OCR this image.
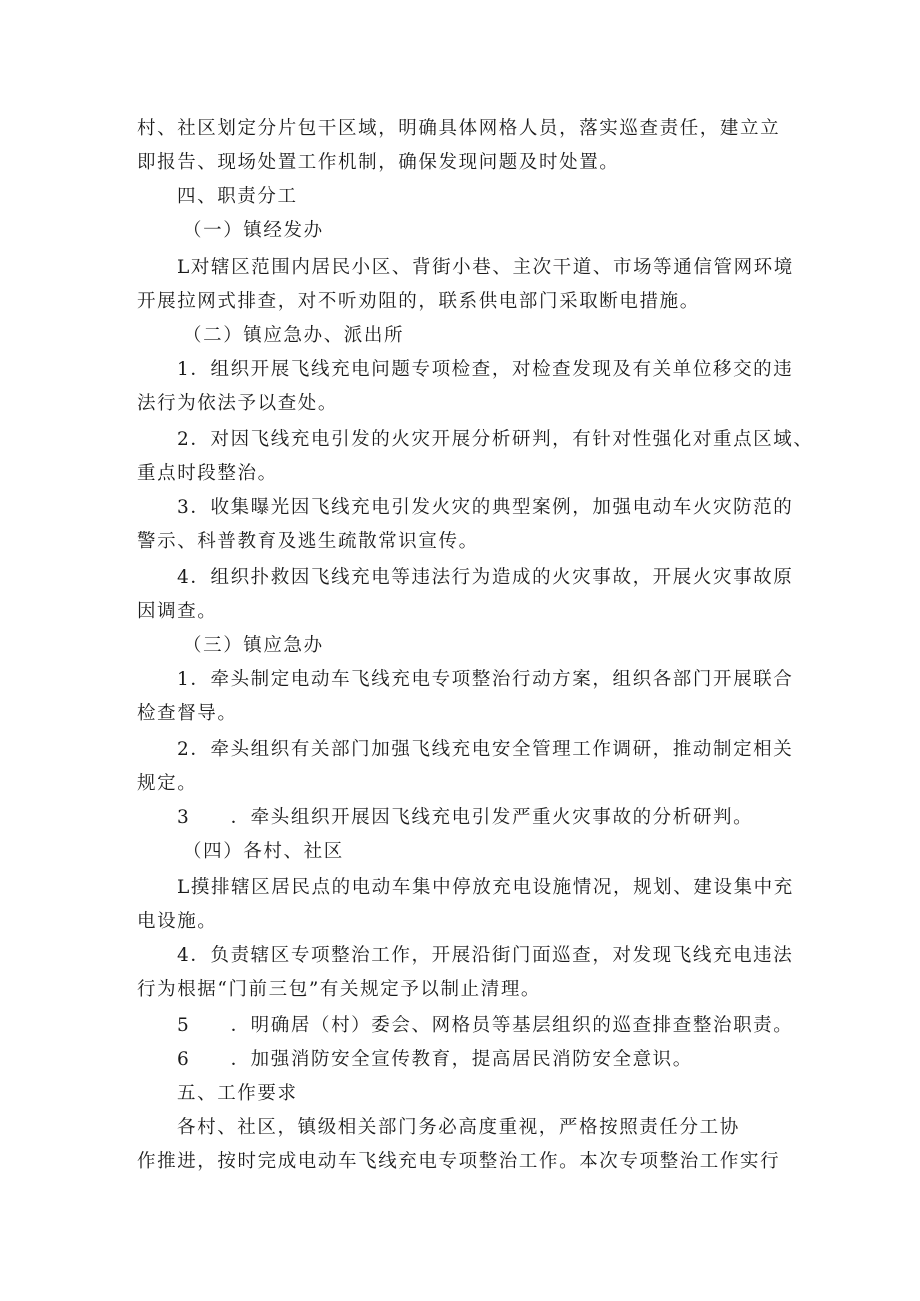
村、社区划定分片包干区域，明确具体网格人员，落实巡查责任，建立立
即报告、现场处置工作机制，确保发现问题及时处置。
四、职责分工
（一）镇经发办
L对辖区范围内居民小区、背街小巷、主次干道、市场等通信管网环境
开展拉网式排查，对不听劝阻的，联系供电部门采取断电措施。
（二）镇应急办、派出所
1．组织开展飞线充电问题专项检查，对检查发现及有关单位移交的违
法行为依法予以查处。
2．对因飞线充电引发的火灾开展分析研判，有针对性强化对重点区域、
重点时段整治。
3．收集曝光因飞线充电引发火灾的典型案例，加强电动车火灾防范的
警示、科普教育及逃生疏散常识宣传。
4．组织扑救因飞线充电等违法行为造成的火灾事故，开展火灾事故原
因调查。
（三）镇应急办
1．牵头制定电动车飞线充电专项整治行动方案，组织各部门开展联合
检查督导。
2．牵头组织有关部门加强飞线充电安全管理工作调研，推动制定相关
规定。
3　　．牵头组织开展因飞线充电引发严重火灾事故的分析研判。
（四）各村、社区
L摸排辖区居民点的电动车集中停放充电设施情况，规划、建设集中充
电设施。
4．负责辖区专项整治工作，开展沿街门面巡查，对发现飞线充电违法
行为根据“门前三包”有关规定予以制止清理。
5　　．明确居（村）委会、网格员等基层组织的巡查排查整治职责。
6　　．加强消防安全宣传教育，提高居民消防安全意识。
五、工作要求
各村、社区，镇级相关部门务必高度重视，严格按照责任分工协
作推进，按时完成电动车飞线充电专项整治工作。本次专项整治工作实行
